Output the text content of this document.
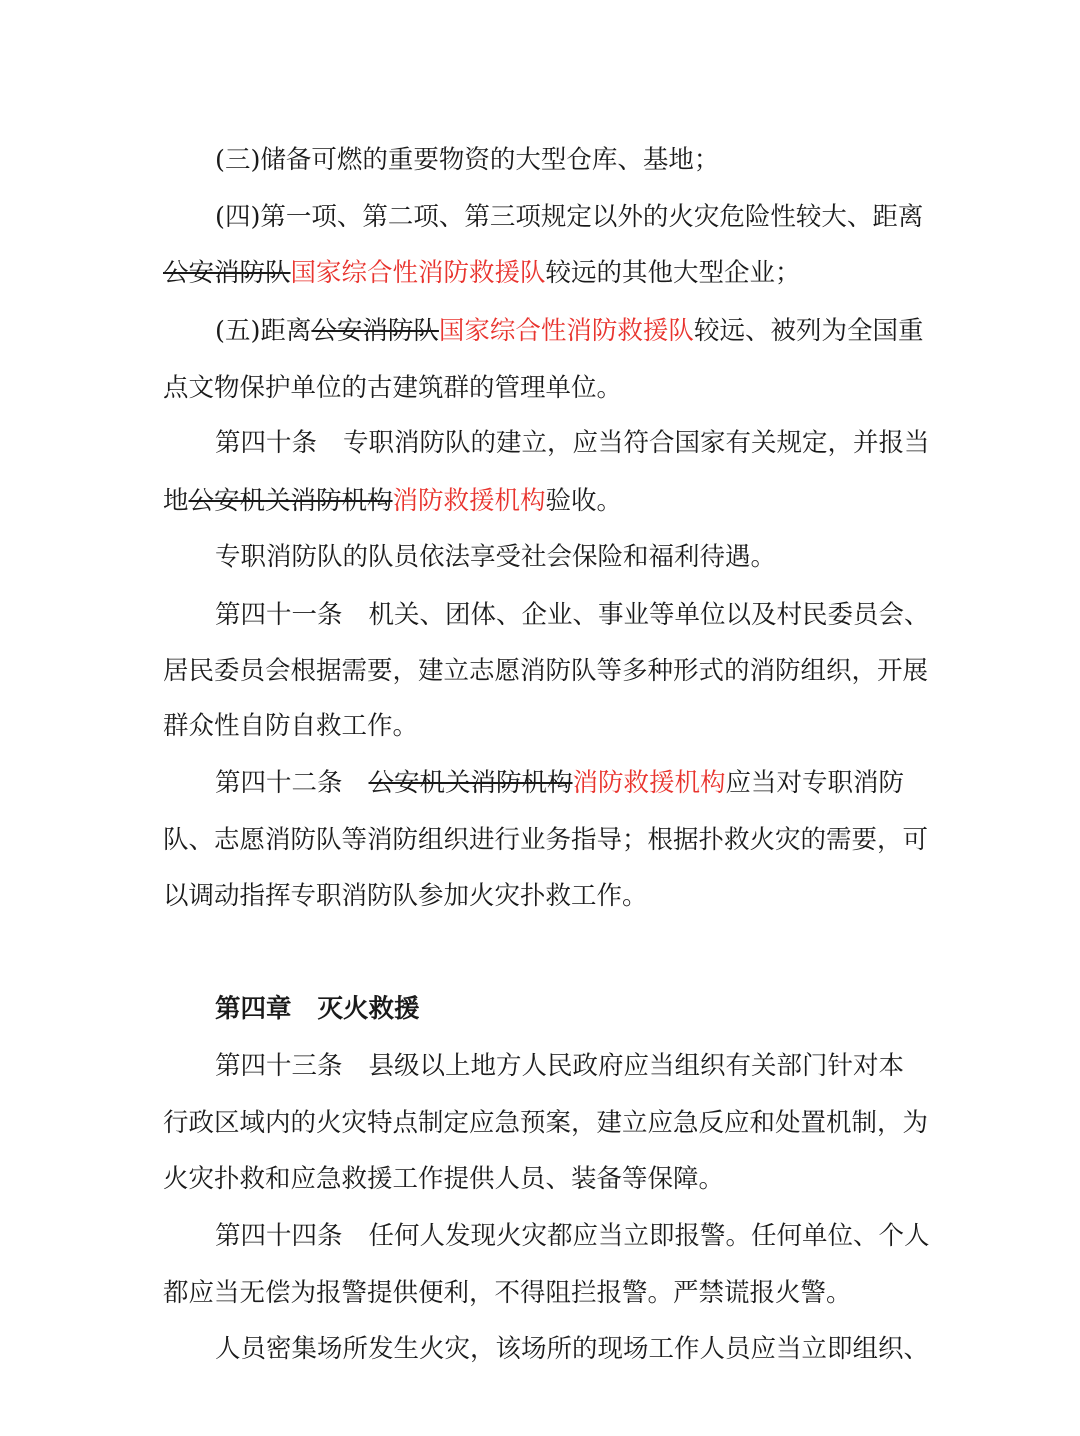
(三)储备可燃的重要物资的大型仓库、基地；
(四)第一项、第二项、第三项规定以外的火灾危险性较大、距离
公安消防队国家综合性消防救援队较远的其他大型企业；
(五)距离公安消防队国家综合性消防救援队较远、被列为全国重
点文物保护单位的古建筑群的管理单位。
第四十条 专职消防队的建立，应当符合国家有关规定，并报当
地公安机关消防机构消防救援机构验收。
专职消防队的队员依法享受社会保险和福利待遇。
第四十一条 机关、团体、企业、事业等单位以及村民委员会、
居民委员会根据需要，建立志愿消防队等多种形式的消防组织，开展
群众性自防自救工作。
第四十二条 公安机关消防机构消防救援机构应当对专职消防
队、志愿消防队等消防组织进行业务指导；根据扑救火灾的需要，可
以调动指挥专职消防队参加火灾扑救工作。
第四章 灭火救援
第四十三条 县级以上地方人民政府应当组织有关部门针对本
行政区域内的火灾特点制定应急预案，建立应急反应和处置机制，为
火灾扑救和应急救援工作提供人员、装备等保障。
第四十四条 任何人发现火灾都应当立即报警。任何单位、个人
都应当无偿为报警提供便利，不得阻拦报警。严禁谎报火警。
人员密集场所发生火灾，该场所的现场工作人员应当立即组织、
